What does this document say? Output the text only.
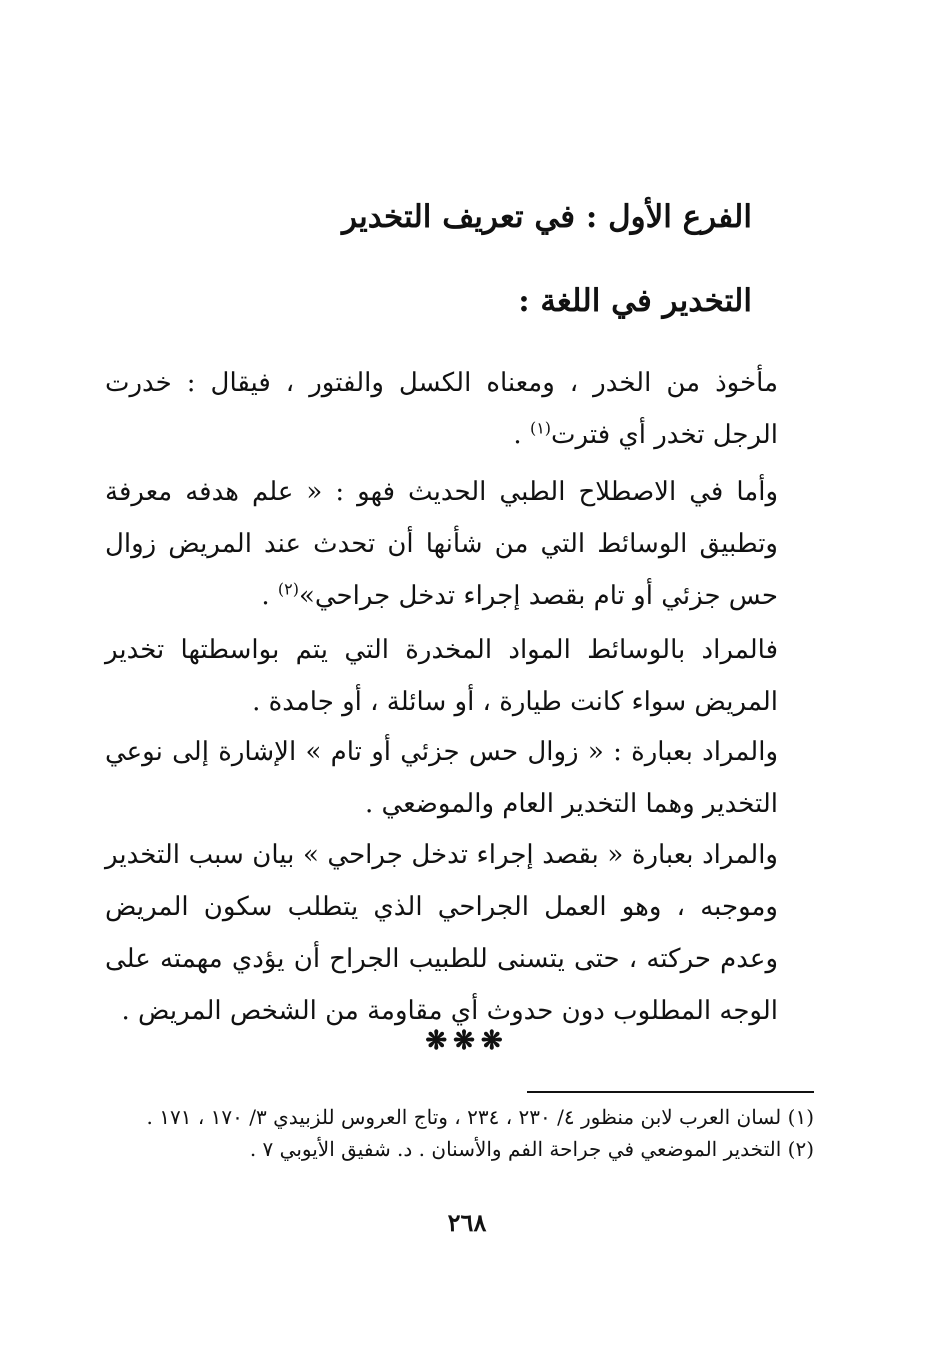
الفرع الأول : في تعريف التخدير
التخدير في اللغة :
مأخوذ من الخدر ، ومعناه الكسل والفتور ، فيقال : خدرت الرجل تخدر أي فترت$^{(١)}$ .
وأما في الاصطلاح الطبي الحديث فهو : « علم هدفه معرفة وتطبيق الوسائط التي من شأنها أن تحدث عند المريض زوال حس جزئي أو تام بقصد إجراء تدخل جراحي»$^{(٢)}$ .
فالمراد بالوسائط المواد المخدرة التي يتم بواسطتها تخدير المريض سواء كانت طيارة ، أو سائلة ، أو جامدة .
والمراد بعبارة : « زوال حس جزئي أو تام » الإشارة إلى نوعي التخدير وهما التخدير العام والموضعي .
والمراد بعبارة « بقصد إجراء تدخل جراحي » بيان سبب التخدير وموجبه ، وهو العمل الجراحي الذي يتطلب سكون المريض وعدم حركته ، حتى يتسنى للطبيب الجراح أن يؤدي مهمته على الوجه المطلوب دون حدوث أي مقاومة من الشخص المريض .
❋❋❋

(١) لسان العرب لابن منظور ٤/ ٢٣٠ ، ٢٣٤ ، وتاج العروس للزبيدي ٣/ ١٧٠ ، ١٧١ .

(٢) التخدير الموضعي في جراحة الفم والأسنان . د. شفيق الأيوبي ٧ .

٢٦٨
